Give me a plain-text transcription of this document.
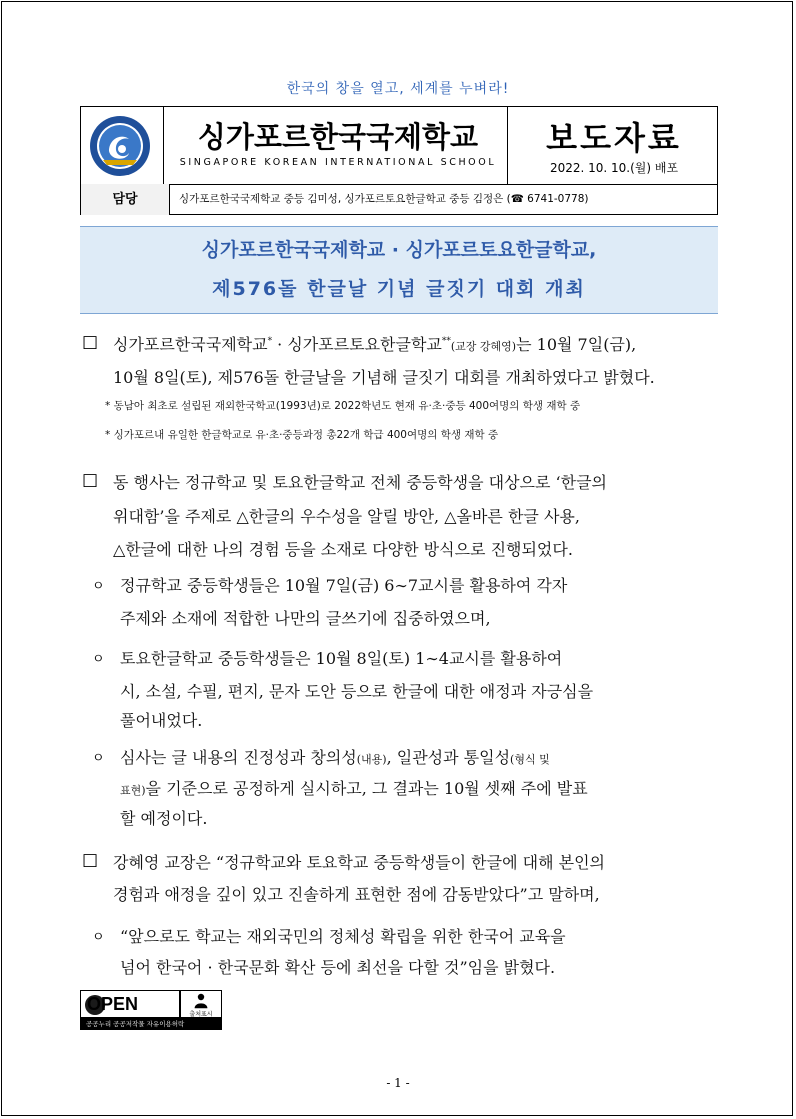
한국의 창을 열고, 세계를 누벼라!
싱가포르한국국제학교
SINGAPORE KOREAN INTERNATIONAL SCHOOL
보도자료
2022. 10. 10.(월) 배포
담당	싱가포르한국국제학교 중등 김미성, 싱가포르토요한글학교 중등 김정은 (☎ 6741-0778)
싱가포르한국국제학교 · 싱가포르토요한글학교,
제576돌 한글날 기념 글짓기 대회 개최
□ 싱가포르한국국제학교* · 싱가포르토요한글학교**(교장 강혜영)는 10월 7일(금),
10월 8일(토), 제576돌 한글날을 기념해 글짓기 대회를 개최하였다고 밝혔다.
* 동남아 최초로 설립된 재외한국학교(1993년)로 2022학년도 현재 유·초·중등 400여명의 학생 재학 중
* 싱가포르내 유일한 한글학교로 유·초·중등과정 총22개 학급 400여명의 학생 재학 중
□ 동 행사는 정규학교 및 토요한글학교 전체 중등학생을 대상으로 ‘한글의
위대함’을 주제로 △한글의 우수성을 알릴 방안, △올바른 한글 사용,
△한글에 대한 나의 경험 등을 소재로 다양한 방식으로 진행되었다.
ㅇ 정규학교 중등학생들은 10월 7일(금) 6∼7교시를 활용하여 각자
주제와 소재에 적합한 나만의 글쓰기에 집중하였으며,
ㅇ 토요한글학교 중등학생들은 10월 8일(토) 1∼4교시를 활용하여
시, 소설, 수필, 편지, 문자 도안 등으로 한글에 대한 애정과 자긍심을
풀어내었다.
ㅇ 심사는 글 내용의 진정성과 창의성(내용), 일관성과 통일성(형식 및
표현)을 기준으로 공정하게 실시하고, 그 결과는 10월 셋째 주에 발표
할 예정이다.
□ 강혜영 교장은 “정규학교와 토요학교 중등학생들이 한글에 대해 본인의
경험과 애정을 깊이 있고 진솔하게 표현한 점에 감동받았다”고 말하며,
ㅇ “앞으로도 학교는 재외국민의 정체성 확립을 위한 한국어 교육을
넘어 한국어 · 한국문화 확산 등에 최선을 다할 것”임을 밝혔다.
OPEN
출처표시
공공누리 공공저작물 자유이용허락
- 1 -
